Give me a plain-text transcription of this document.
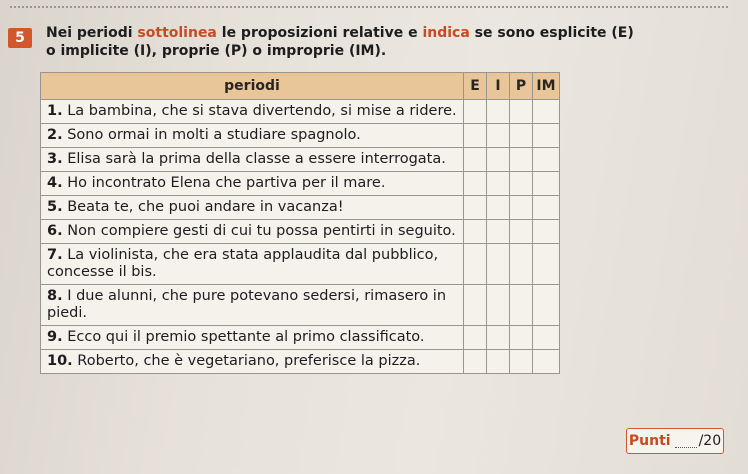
5	Nei periodi sottolinea le proposizioni relative e indica se sono esplicite (E) o implicite (I), proprie (P) o improprie (IM).
periodi	E	I	P	IM
1. La bambina, che si stava divertendo, si mise a ridere.				
2. Sono ormai in molti a studiare spagnolo.				
3. Elisa sarà la prima della classe a essere interrogata.				
4. Ho incontrato Elena che partiva per il mare.				
5. Beata te, che puoi andare in vacanza!				
6. Non compiere gesti di cui tu possa pentirti in seguito.				
7. La violinista, che era stata applaudita dal pubblico, concesse il bis.				
8. I due alunni, che pure potevano sedersi, rimasero in piedi.				
9. Ecco qui il premio spettante al primo classificato.				
10. Roberto, che è vegetariano, preferisce la pizza.				
Punti /20
